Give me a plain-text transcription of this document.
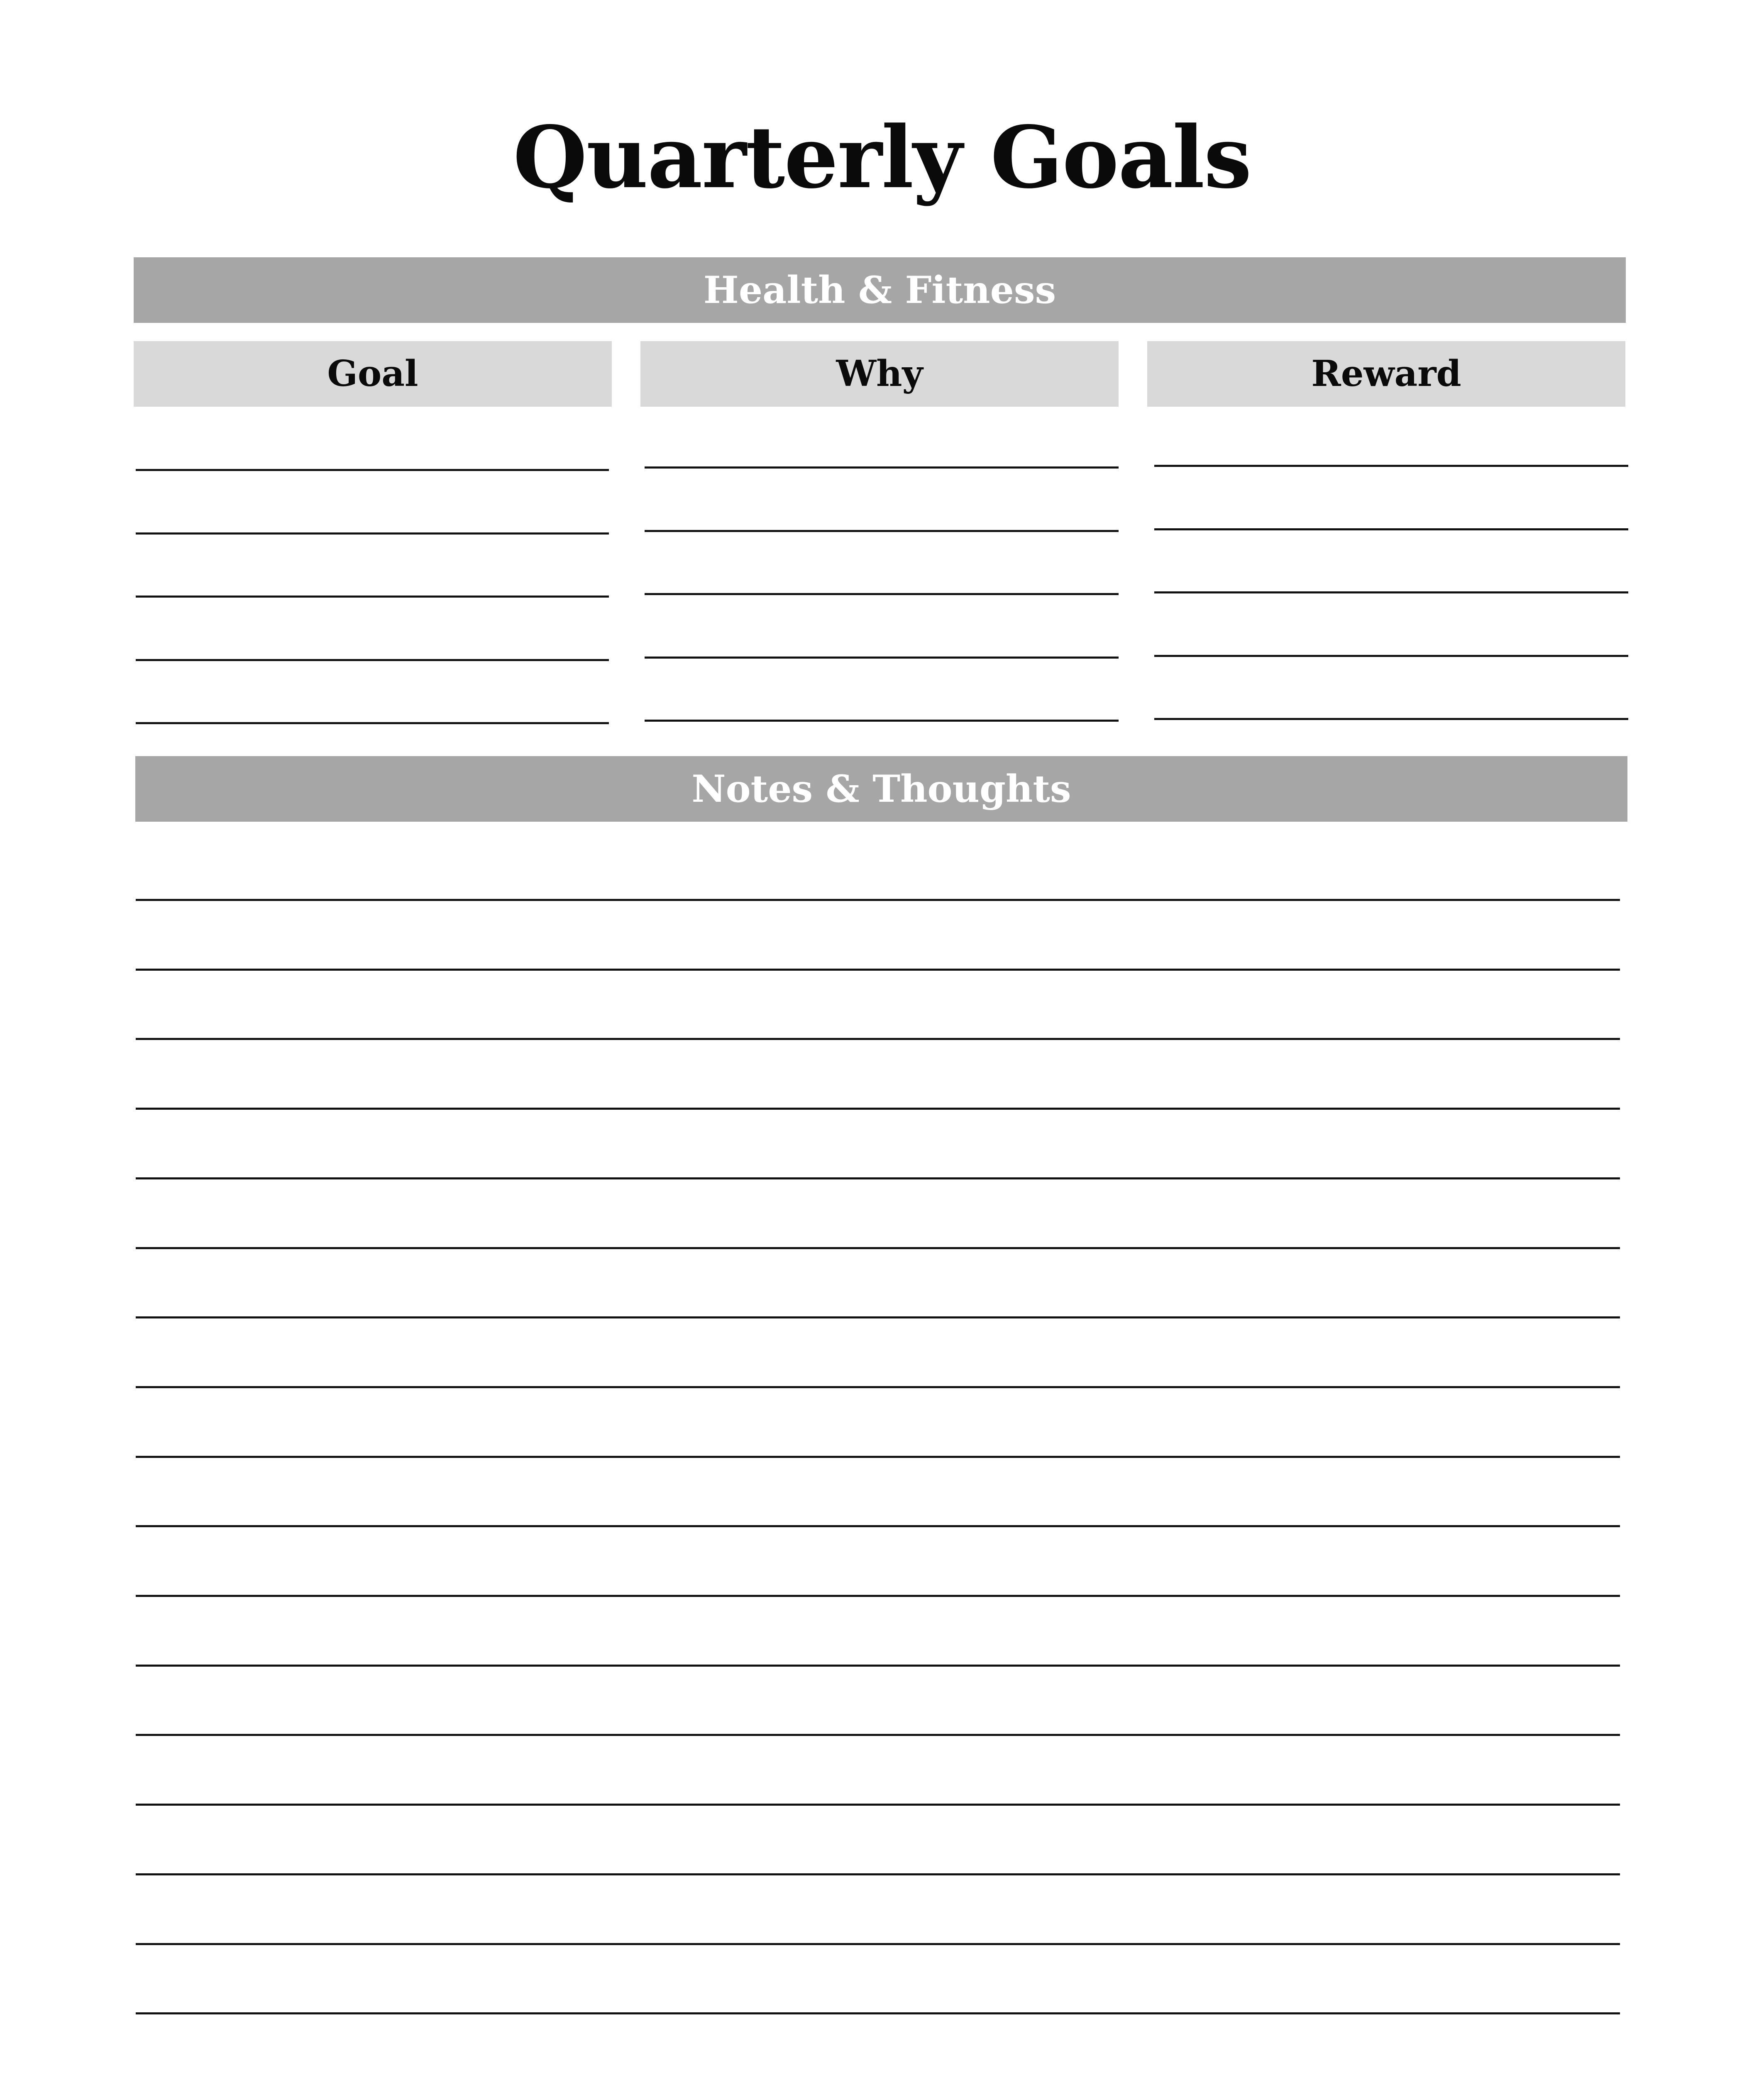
Quarterly Goals
Health & Fitness
Goal	Why	Reward
Notes & Thoughts
